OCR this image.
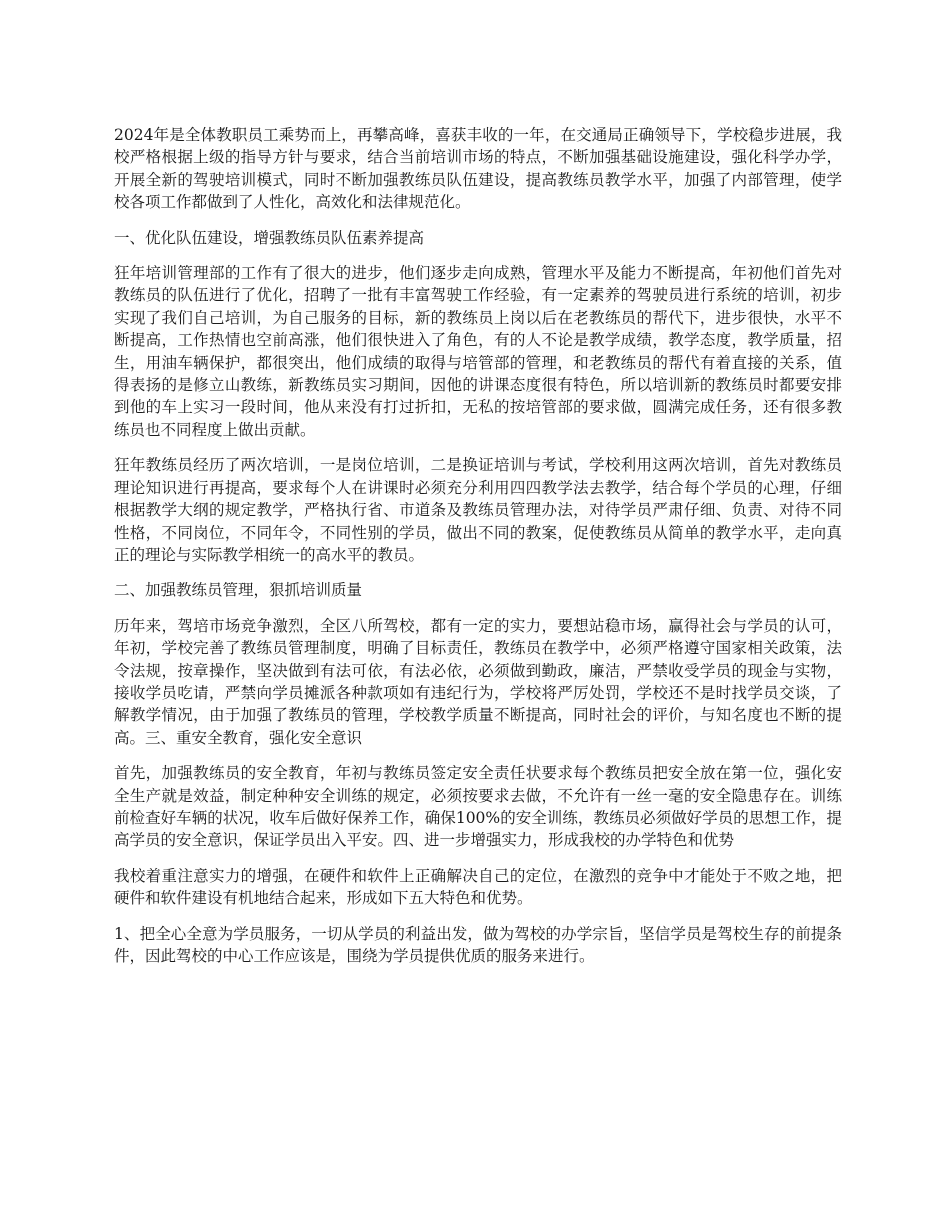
2024年是全体教职员工乘势而上，再攀高峰，喜获丰收的一年，在交通局正确领导下，学校稳步进展，我校严格根据上级的指导方针与要求，结合当前培训市场的特点，不断加强基础设施建设，强化科学办学，开展全新的驾驶培训模式，同时不断加强教练员队伍建设，提高教练员教学水平，加强了内部管理，使学校各项工作都做到了人性化，高效化和法律规范化。

一、优化队伍建设，增强教练员队伍素养提高

狂年培训管理部的工作有了很大的进步，他们逐步走向成熟，管理水平及能力不断提高，年初他们首先对教练员的队伍进行了优化，招聘了一批有丰富驾驶工作经验，有一定素养的驾驶员进行系统的培训，初步实现了我们自己培训，为自己服务的目标，新的教练员上岗以后在老教练员的帮代下，进步很快，水平不断提高，工作热情也空前高涨，他们很快进入了角色，有的人不论是教学成绩，教学态度，教学质量，招生，用油车辆保护，都很突出，他们成绩的取得与培管部的管理，和老教练员的帮代有着直接的关系，值得表扬的是修立山教练，新教练员实习期间，因他的讲课态度很有特色，所以培训新的教练员时都要安排到他的车上实习一段时间，他从来没有打过折扣，无私的按培管部的要求做，圆满完成任务，还有很多教练员也不同程度上做出贡献。

狂年教练员经历了两次培训，一是岗位培训，二是换证培训与考试，学校利用这两次培训，首先对教练员理论知识进行再提高，要求每个人在讲课时必须充分利用四四教学法去教学，结合每个学员的心理，仔细根据教学大纲的规定教学，严格执行省、市道条及教练员管理办法，对待学员严肃仔细、负责、对待不同性格，不同岗位，不同年令，不同性别的学员，做出不同的教案，促使教练员从简单的教学水平，走向真正的理论与实际教学相统一的高水平的教员。

二、加强教练员管理，狠抓培训质量

历年来，驾培市场竞争激烈，全区八所驾校，都有一定的实力，要想站稳市场，赢得社会与学员的认可，年初，学校完善了教练员管理制度，明确了目标责任，教练员在教学中，必须严格遵守国家相关政策，法令法规，按章操作，坚决做到有法可依，有法必依，必须做到勤政，廉洁，严禁收受学员的现金与实物，接收学员吃请，严禁向学员摊派各种款项如有违纪行为，学校将严厉处罚，学校还不是时找学员交谈，了解教学情况，由于加强了教练员的管理，学校教学质量不断提高，同时社会的评价，与知名度也不断的提高。三、重安全教育，强化安全意识

首先，加强教练员的安全教育，年初与教练员签定安全责任状要求每个教练员把安全放在第一位，强化安全生产就是效益，制定种种安全训练的规定，必须按要求去做，不允许有一丝一毫的安全隐患存在。训练前检查好车辆的状况，收车后做好保养工作，确保100%的安全训练，教练员必须做好学员的思想工作，提高学员的安全意识，保证学员出入平安。四、进一步增强实力，形成我校的办学特色和优势

我校着重注意实力的增强，在硬件和软件上正确解决自己的定位，在激烈的竞争中才能处于不败之地，把硬件和软件建设有机地结合起来，形成如下五大特色和优势。

1、把全心全意为学员服务，一切从学员的利益出发，做为驾校的办学宗旨，坚信学员是驾校生存的前提条件，因此驾校的中心工作应该是，围绕为学员提供优质的服务来进行。
